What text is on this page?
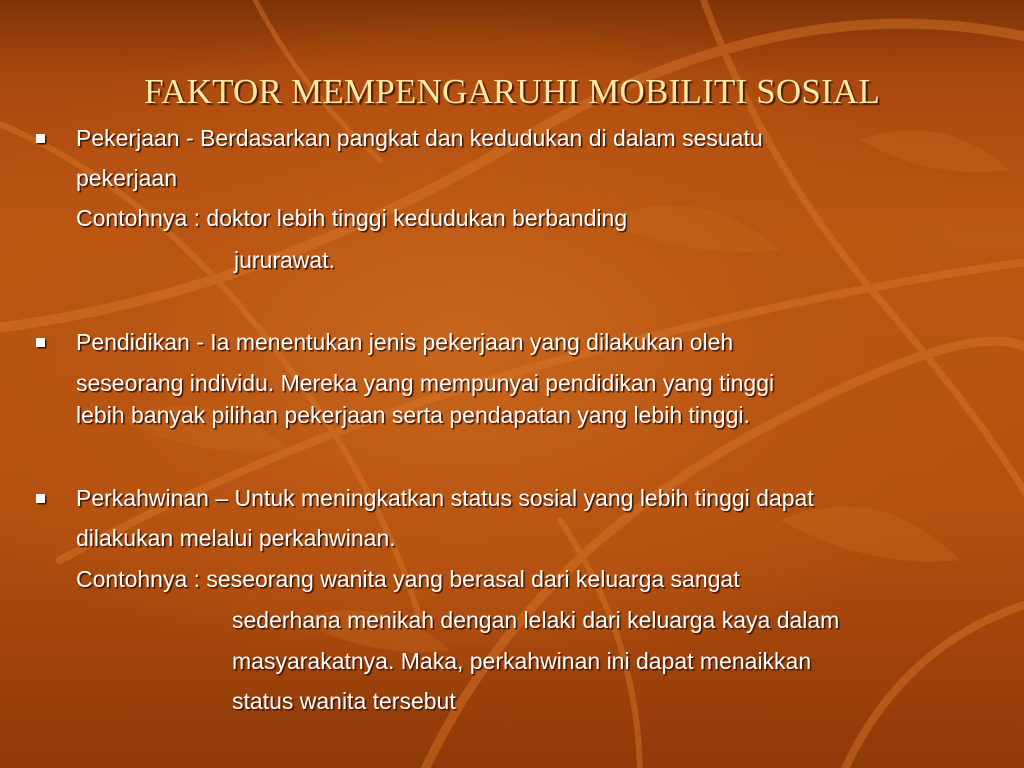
FAKTOR MEMPENGARUHI MOBILITI SOSIAL
Pekerjaan - Berdasarkan pangkat dan kedudukan di dalam sesuatu
pekerjaan
Contohnya : doktor lebih tinggi kedudukan berbanding
jururawat.
Pendidikan - Ia menentukan jenis pekerjaan yang dilakukan oleh
seseorang individu. Mereka yang mempunyai pendidikan yang tinggi
lebih banyak pilihan pekerjaan serta pendapatan yang lebih tinggi.
Perkahwinan – Untuk meningkatkan status sosial yang lebih tinggi dapat
dilakukan melalui perkahwinan.
Contohnya : seseorang wanita yang berasal dari keluarga sangat
sederhana menikah dengan lelaki dari keluarga kaya dalam
masyarakatnya. Maka, perkahwinan ini dapat menaikkan
status wanita tersebut
